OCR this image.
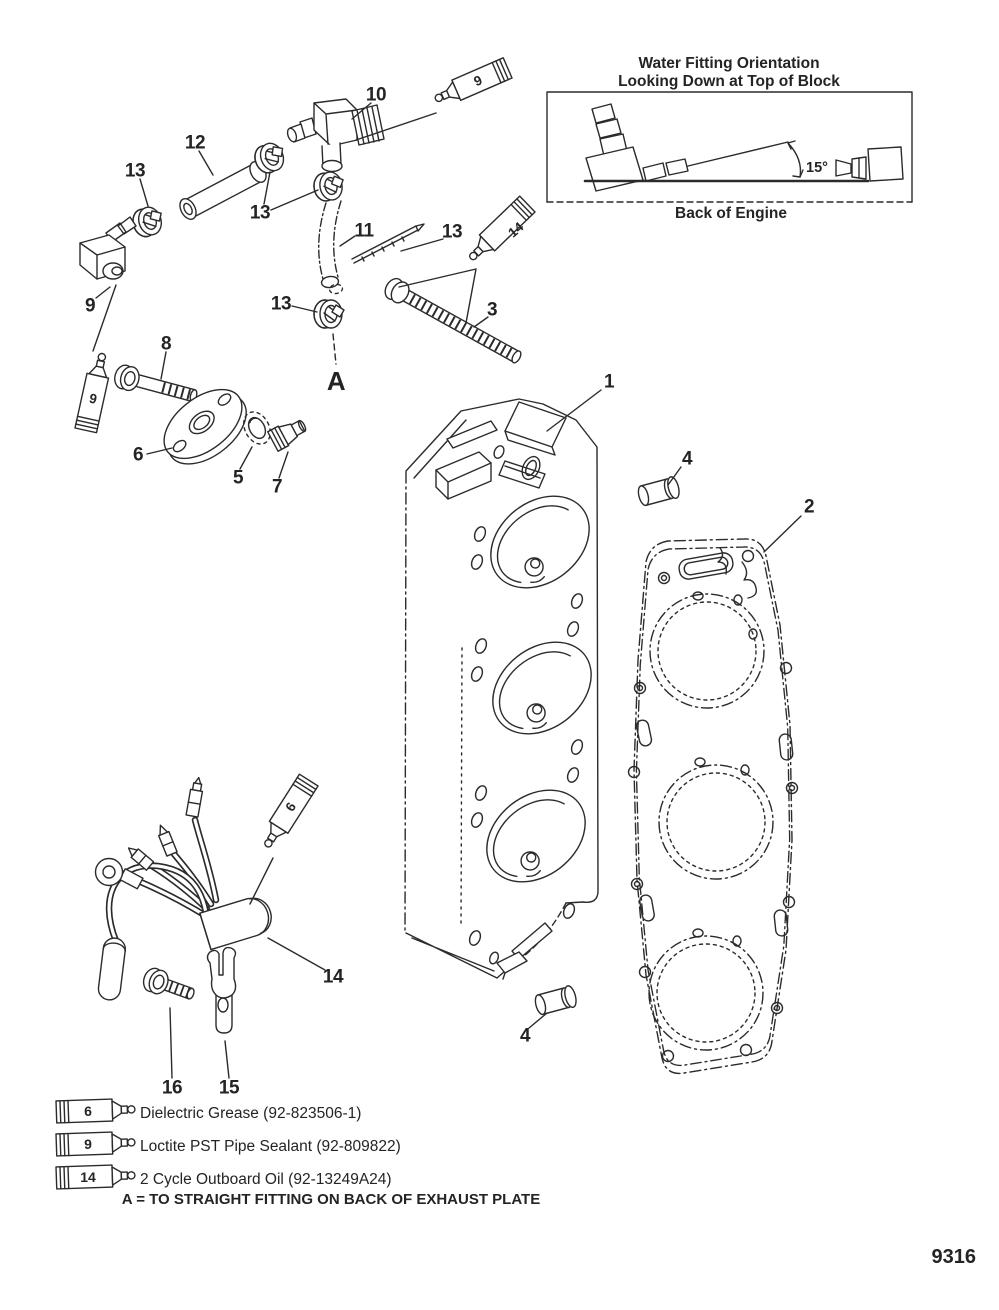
Water Fitting Orientation
Looking Down at Top of Block
15°
Back of Engine
6
9
14
Dielectric Grease (92-823506-1)
Loctite PST Pipe Sealant (92-809822)
2 Cycle Outboard Oil (92-13249A24)
A = TO STRAIGHT FITTING ON BACK OF EXHAUST PLATE
9316
10
12
13
13
11	13
13	3
9
8
A
6
5 7
1
4
2
14
16 15
4
9
14
9
6
